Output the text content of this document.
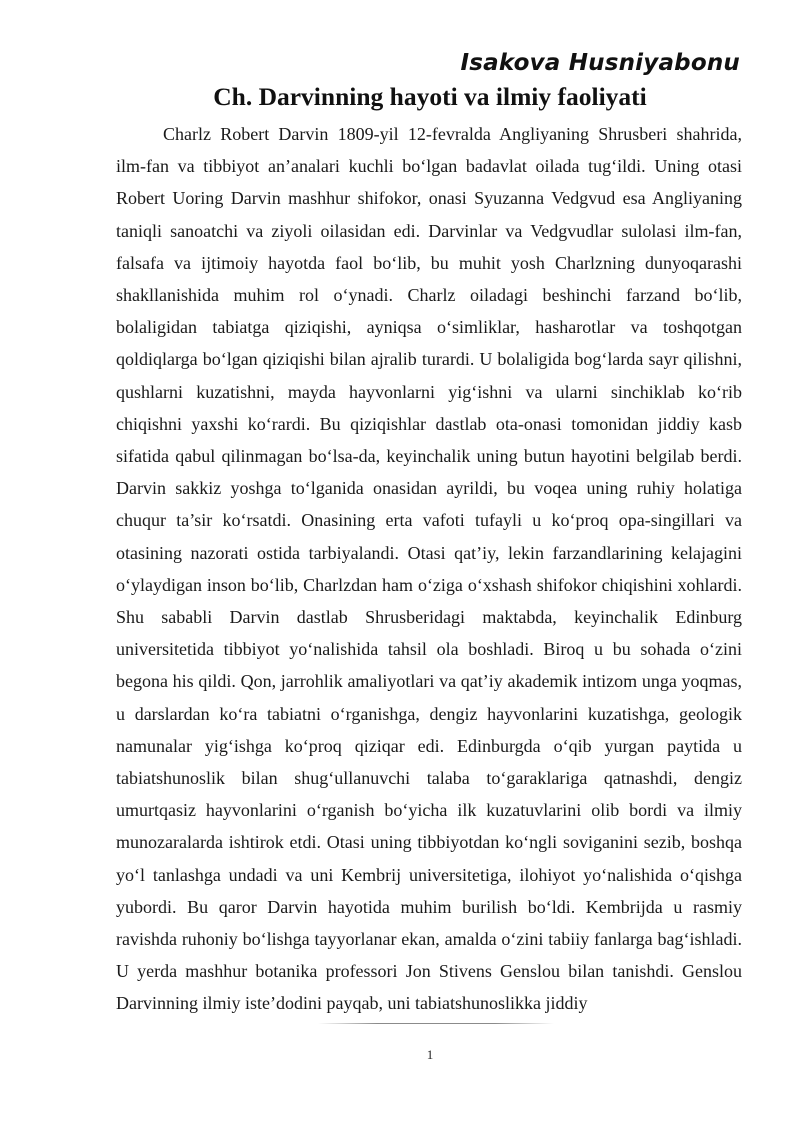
Isakova Husniyabonu

Ch. Darvinning hayoti va ilmiy faoliyati

Charlz Robert Darvin 1809-yil 12-fevralda Angliyaning Shrusberi shahrida, ilm-fan va tibbiyot an’analari kuchli bo‘lgan badavlat oilada tug‘ildi. Uning otasi Robert Uoring Darvin mashhur shifokor, onasi Syuzanna Vedgvud esa Angliyaning taniqli sanoatchi va ziyoli oilasidan edi. Darvinlar va Vedgvudlar sulolasi ilm-fan, falsafa va ijtimoiy hayotda faol bo‘lib, bu muhit yosh Charlzning dunyoqarashi shakllanishida muhim rol o‘ynadi. Charlz oiladagi beshinchi farzand bo‘lib, bolaligidan tabiatga qiziqishi, ayniqsa o‘simliklar, hasharotlar va toshqotgan qoldiqlarga bo‘lgan qiziqishi bilan ajralib turardi. U bolaligida bog‘larda sayr qilishni, qushlarni kuzatishni, mayda hayvonlarni yig‘ishni va ularni sinchiklab ko‘rib chiqishni yaxshi ko‘rardi. Bu qiziqishlar dastlab ota-onasi tomonidan jiddiy kasb sifatida qabul qilinmagan bo‘lsa-da, keyinchalik uning butun hayotini belgilab berdi. Darvin sakkiz yoshga to‘lganida onasidan ayrildi, bu voqea uning ruhiy holatiga chuqur ta’sir ko‘rsatdi. Onasining erta vafoti tufayli u ko‘proq opa-singillari va otasining nazorati ostida tarbiyalandi. Otasi qat’iy, lekin farzandlarining kelajagini o‘ylaydigan inson bo‘lib, Charlzdan ham o‘ziga o‘xshash shifokor chiqishini xohlardi. Shu sababli Darvin dastlab Shrusberidagi maktabda, keyinchalik Edinburg universitetida tibbiyot yo‘nalishida tahsil ola boshladi. Biroq u bu sohada o‘zini begona his qildi. Qon, jarrohlik amaliyotlari va qat’iy akademik intizom unga yoqmas, u darslardan ko‘ra tabiatni o‘rganishga, dengiz hayvonlarini kuzatishga, geologik namunalar yig‘ishga ko‘proq qiziqar edi. Edinburgda o‘qib yurgan paytida u tabiatshunoslik bilan shug‘ullanuvchi talaba to‘garaklariga qatnashdi, dengiz umurtqasiz hayvonlarini o‘rganish bo‘yicha ilk kuzatuvlarini olib bordi va ilmiy munozaralarda ishtirok etdi. Otasi uning tibbiyotdan ko‘ngli soviganini sezib, boshqa yo‘l tanlashga undadi va uni Kembrij universitetiga, ilohiyot yo‘nalishida o‘qishga yubordi. Bu qaror Darvin hayotida muhim burilish bo‘ldi. Kembrijda u rasmiy ravishda ruhoniy bo‘lishga tayyorlanar ekan, amalda o‘zini tabiiy fanlarga bag‘ishladi. U yerda mashhur botanika professori Jon Stivens Genslou bilan tanishdi. Genslou Darvinning ilmiy iste’dodini payqab, uni tabiatshunoslikka jiddiy

1
